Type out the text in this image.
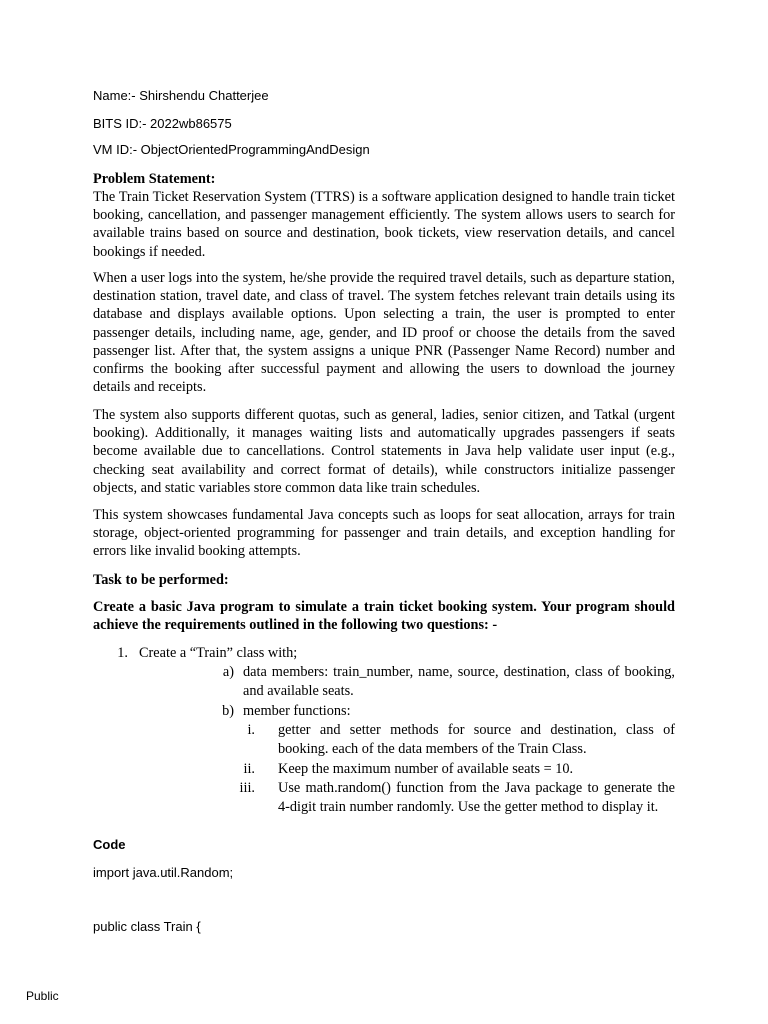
Name:- Shirshendu Chatterjee
BITS ID:- 2022wb86575
VM ID:- ObjectOrientedProgrammingAndDesign
Problem Statement:

The Train Ticket Reservation System (TTRS) is a software application designed to handle train ticket booking, cancellation, and passenger management efficiently. The system allows users to search for available trains based on source and destination, book tickets, view reservation details, and cancel bookings if needed.

When a user logs into the system, he/she provide the required travel details, such as departure station, destination station, travel date, and class of travel. The system fetches relevant train details using its database and displays available options. Upon selecting a train, the user is prompted to enter passenger details, including name, age, gender, and ID proof or choose the details from the saved passenger list. After that, the system assigns a unique PNR (Passenger Name Record) number and confirms the booking after successful payment and allowing the users to download the journey details and receipts.

The system also supports different quotas, such as general, ladies, senior citizen, and Tatkal (urgent booking). Additionally, it manages waiting lists and automatically upgrades passengers if seats become available due to cancellations. Control statements in Java help validate user input (e.g., checking seat availability and correct format of details), while constructors initialize passenger objects, and static variables store common data like train schedules.

This system showcases fundamental Java concepts such as loops for seat allocation, arrays for train storage, object-oriented programming for passenger and train details, and exception handling for errors like invalid booking attempts.

Task to be performed:

Create a basic Java program to simulate a train ticket booking system. Your program should achieve the requirements outlined in the following two questions: -

1. Create a “Train” class with;
a) data members: train_number, name, source, destination, class of booking, and available seats.
b) member functions:
i. getter and setter methods for source and destination, class of booking. each of the data members of the Train Class.
ii. Keep the maximum number of available seats = 10.
iii. Use math.random() function from the Java package to generate the 4-digit train number randomly. Use the getter method to display it.
Code
import java.util.Random;
public class Train {
Public
